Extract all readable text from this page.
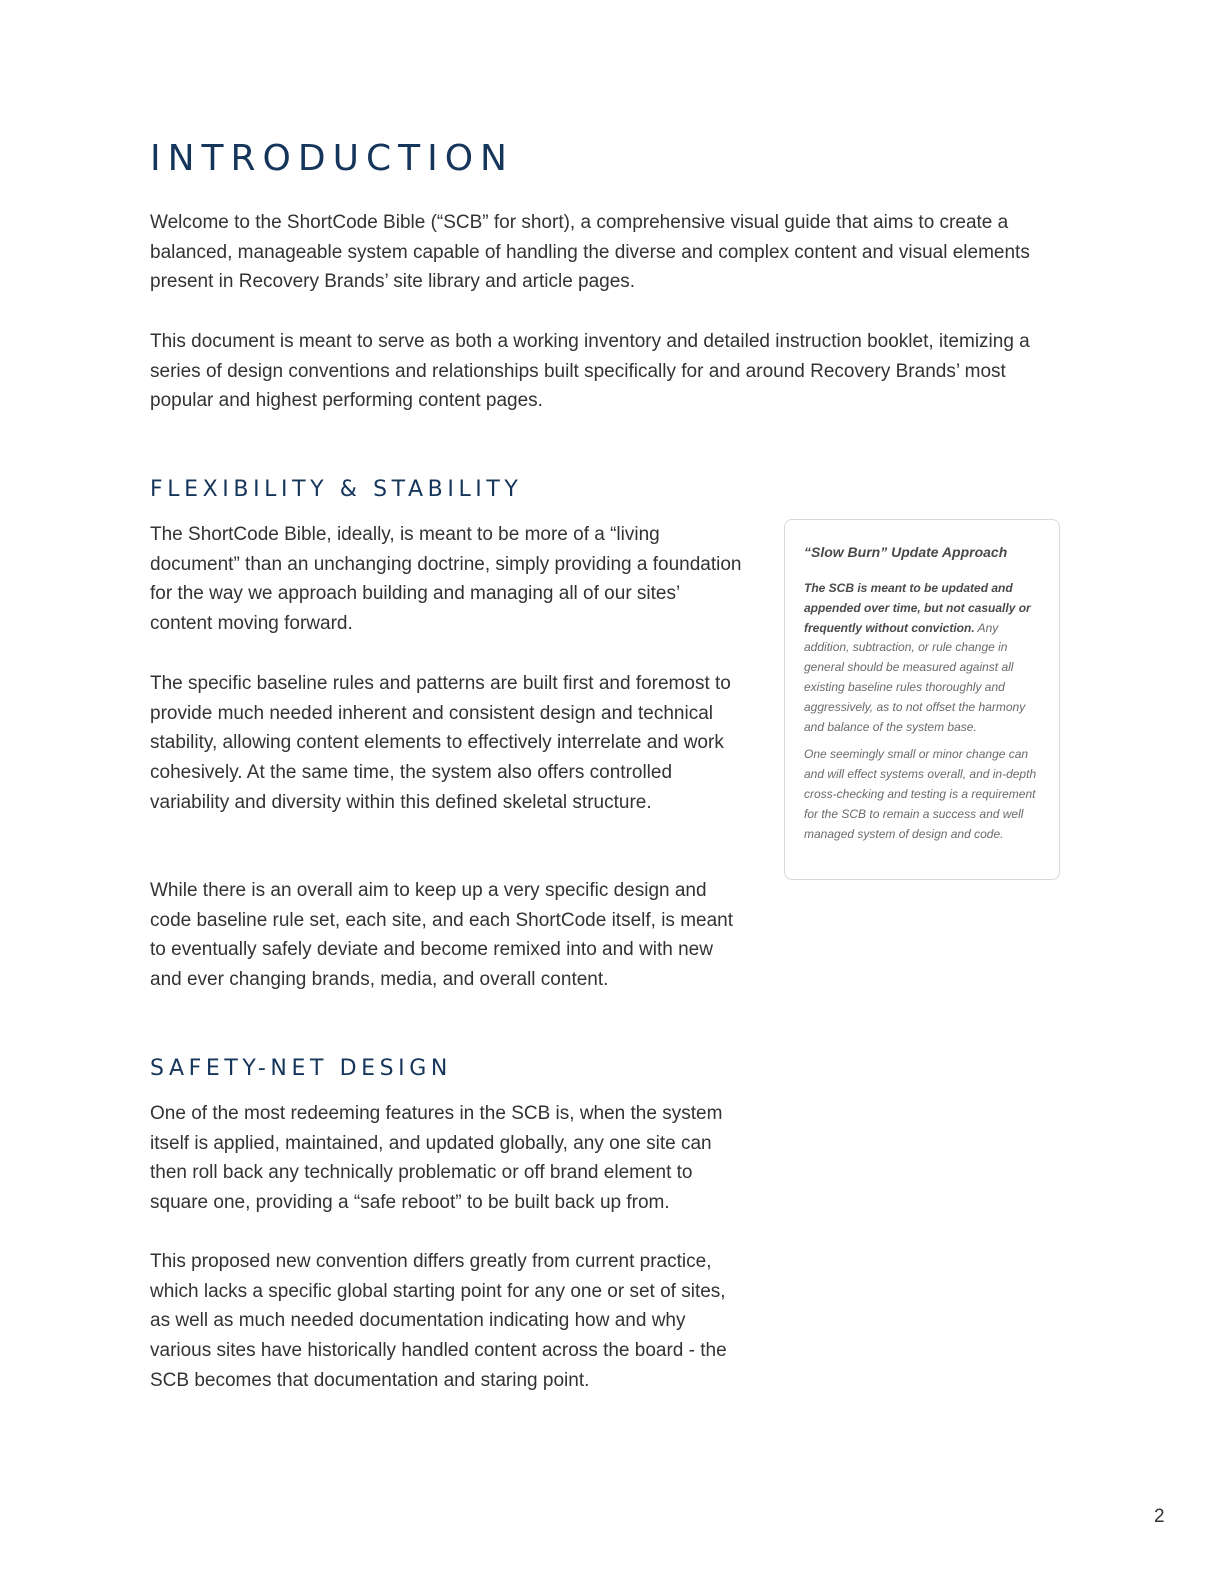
INTRODUCTION

Welcome to the ShortCode Bible (“SCB” for short), a comprehensive visual guide that aims to create a balanced, manageable system capable of handling the diverse and complex content and visual elements present in Recovery Brands’ site library and article pages.

This document is meant to serve as both a working inventory and detailed instruction booklet, itemizing a series of design conventions and relationships built specifically for and around Recovery Brands’ most popular and highest performing content pages.

FLEXIBILITY & STABILITY

The ShortCode Bible, ideally, is meant to be more of a “living document” than an unchanging doctrine, simply providing a foundation for the way we approach building and managing all of our sites’ content moving forward.

The specific baseline rules and patterns are built first and foremost to provide much needed inherent and consistent design and technical stability, allowing content elements to effectively interrelate and work cohesively. At the same time, the system also offers controlled variability and diversity within this defined skeletal structure.

While there is an overall aim to keep up a very specific design and code baseline rule set, each site, and each ShortCode itself, is meant to eventually safely deviate and become remixed into and with new and ever changing brands, media, and overall content.

“Slow Burn” Update Approach

The SCB is meant to be updated and appended over time, but not casually or frequently without conviction. Any addition, subtraction, or rule change in general should be measured against all existing baseline rules thoroughly and aggressively, as to not offset the harmony and balance of the system base.

One seemingly small or minor change can and will effect systems overall, and in-depth cross-checking and testing is a requirement for the SCB to remain a success and well managed system of design and code.

SAFETY-NET DESIGN

One of the most redeeming features in the SCB is, when the system itself is applied, maintained, and updated globally, any one site can then roll back any technically problematic or off brand element to square one, providing a “safe reboot” to be built back up from.

This proposed new convention differs greatly from current practice, which lacks a specific global starting point for any one or set of sites, as well as much needed documentation indicating how and why various sites have historically handled content across the board - the SCB becomes that documentation and staring point.

2
